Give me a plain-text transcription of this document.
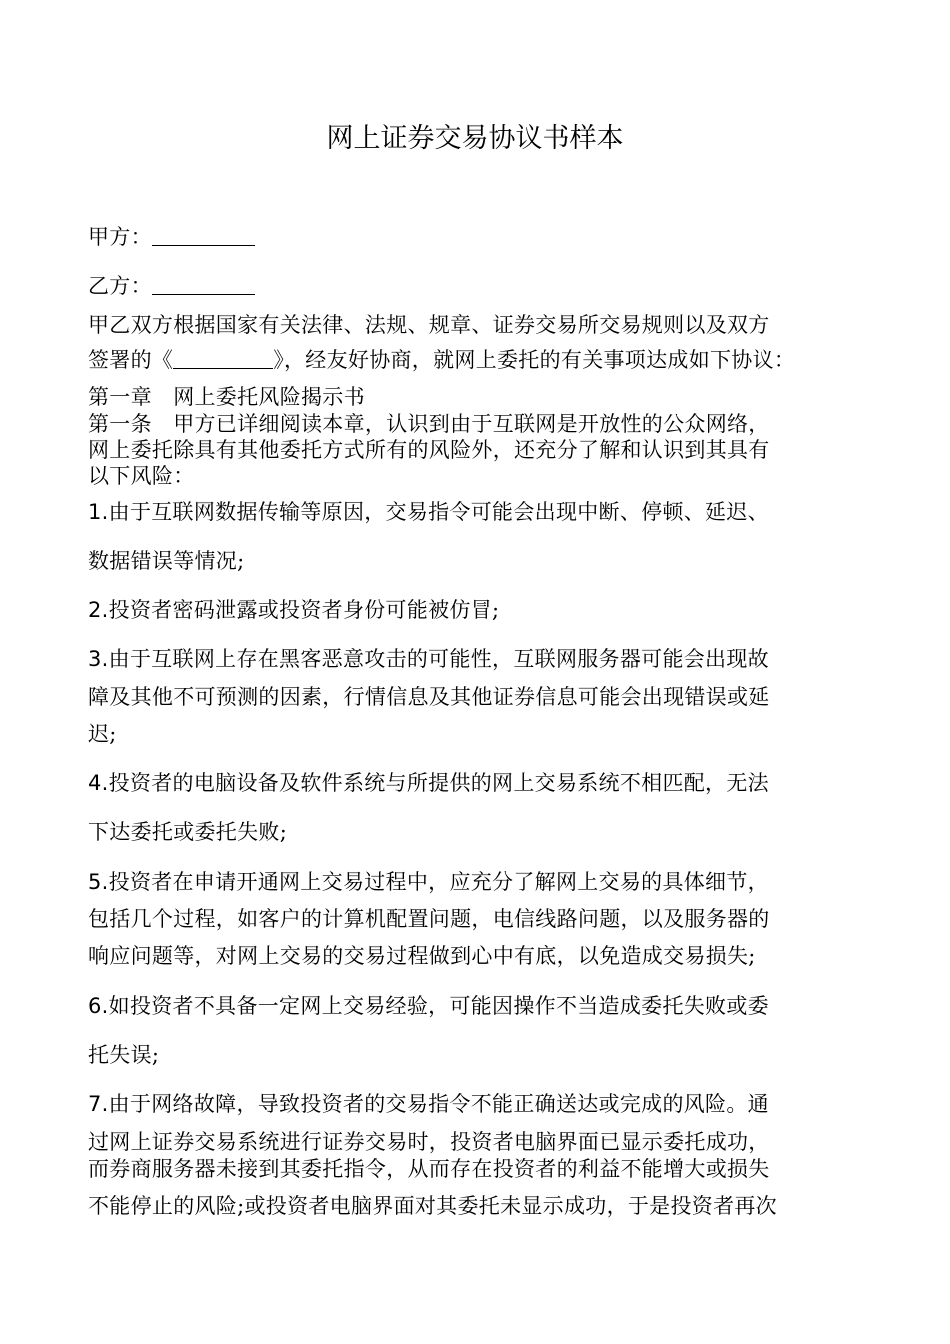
网上证券交易协议书样本
甲方：
乙方：
甲乙双方根据国家有关法律、法规、规章、证券交易所交易规则以及双方
签署的《	》，经友好协商，就网上委托的有关事项达成如下协议：
第一章　网上委托风险揭示书
第一条　甲方已详细阅读本章，认识到由于互联网是开放性的公众网络，
网上委托除具有其他委托方式所有的风险外，还充分了解和认识到其具有
以下风险：
1.由于互联网数据传输等原因，交易指令可能会出现中断、停顿、延迟、
数据错误等情况;
2.投资者密码泄露或投资者身份可能被仿冒;
3.由于互联网上存在黑客恶意攻击的可能性，互联网服务器可能会出现故
障及其他不可预测的因素，行情信息及其他证券信息可能会出现错误或延
迟;
4.投资者的电脑设备及软件系统与所提供的网上交易系统不相匹配，无法
下达委托或委托失败;
5.投资者在申请开通网上交易过程中，应充分了解网上交易的具体细节，
包括几个过程，如客户的计算机配置问题，电信线路问题，以及服务器的
响应问题等，对网上交易的交易过程做到心中有底，以免造成交易损失;
6.如投资者不具备一定网上交易经验，可能因操作不当造成委托失败或委
托失误;
7.由于网络故障，导致投资者的交易指令不能正确送达或完成的风险。通
过网上证券交易系统进行证券交易时，投资者电脑界面已显示委托成功，
而券商服务器未接到其委托指令，从而存在投资者的利益不能增大或损失
不能停止的风险;或投资者电脑界面对其委托未显示成功，于是投资者再次
